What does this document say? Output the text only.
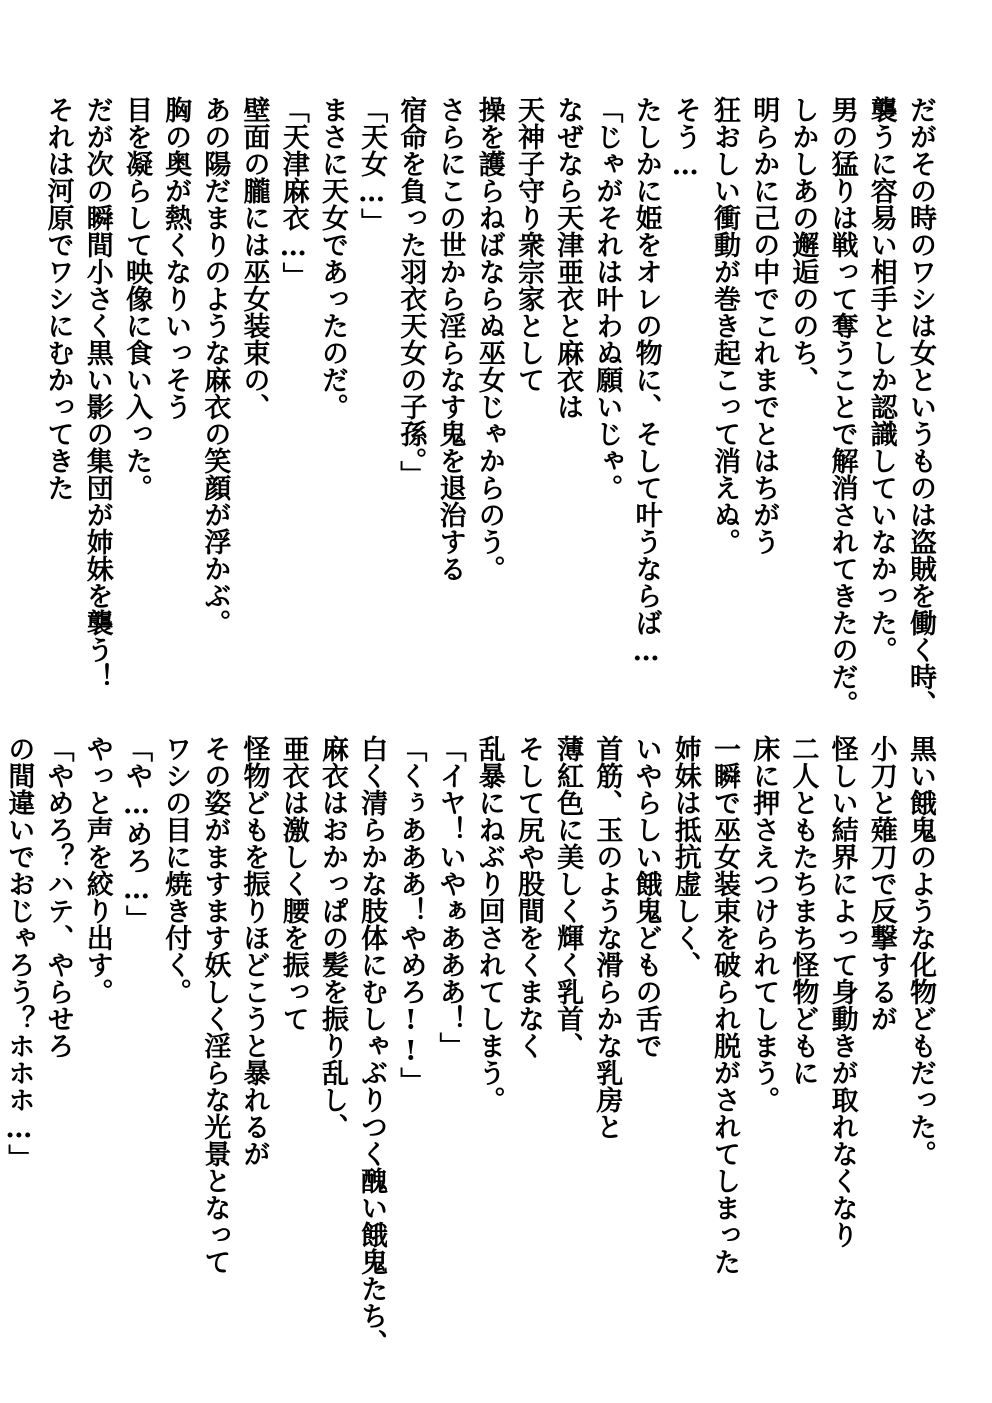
だがその時のワシは女というものは盗賊を働く時、
襲うに容易い相手としか認識していなかった。
男の猛りは戦って奪うことで解消されてきたのだ。
しかしあの邂逅ののち、
明らかに己の中でこれまでとはちがう
狂おしい衝動が巻き起こって消えぬ。
そう…
たしかに姫をオレの物に、そして叶うならば…
「じゃがそれは叶わぬ願いじゃ。
なぜなら天津亜衣と麻衣は
天神子守り衆宗家として
操を護らねばならぬ巫女じゃからのう。
さらにこの世から淫らなす鬼を退治する
宿命を負った羽衣天女の子孫。」
「天女…」
まさに天女であったのだ。
「天津麻衣…」
壁面の朧には巫女装束の、
あの陽だまりのような麻衣の笑顔が浮かぶ。
胸の奥が熱くなりいっそう
目を凝らして映像に食い入った。
だが次の瞬間小さく黒い影の集団が姉妹を襲う！
それは河原でワシにむかってきた
黒い餓鬼のような化物どもだった。
小刀と薙刀で反撃するが
怪しい結界によって身動きが取れなくなり
二人ともたちまち怪物どもに
床に押さえつけられてしまう。
一瞬で巫女装束を破られ脱がされてしまった
姉妹は抵抗虚しく、
いやらしい餓鬼どもの舌で
首筋、玉のような滑らかな乳房と
薄紅色に美しく輝く乳首、
そして尻や股間をくまなく
乱暴にねぶり回されてしまう。
「イヤ！いやぁあああ！」
「くぅあああ！やめろ!!」
白く清らかな肢体にむしゃぶりつく醜い餓鬼たち、
麻衣はおかっぱの髪を振り乱し、
亜衣は激しく腰を振って
怪物どもを振りほどこうと暴れるが
その姿がますます妖しく淫らな光景となって
ワシの目に焼き付く。
「や…めろ…」
やっと声を絞り出す。
「やめろ？ハテ、やらせろ
の間違いでおじゃろう？ホホホ…」
